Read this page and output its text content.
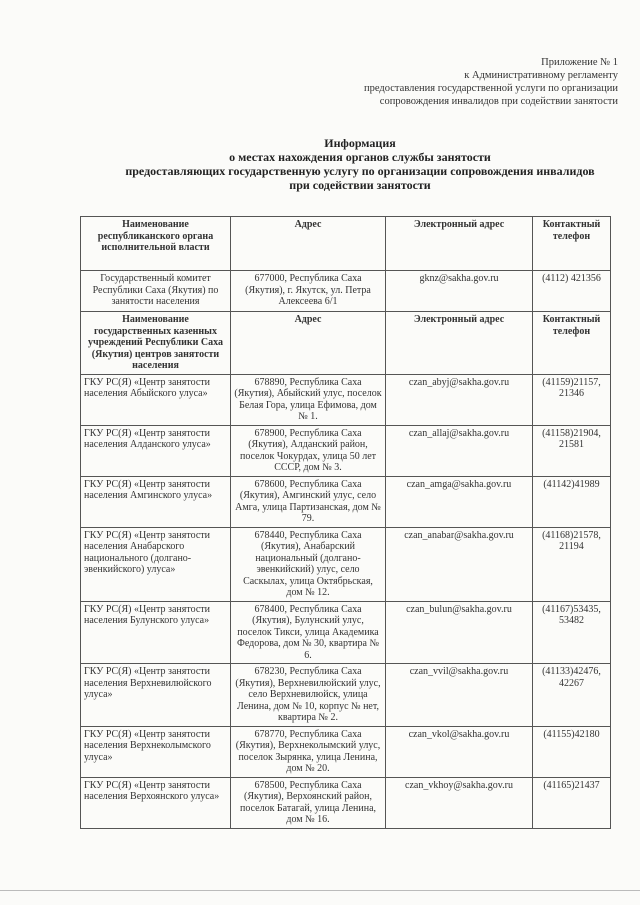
Приложение № 1
к Административному регламенту
предоставления государственной услуги по организации
сопровождения инвалидов при содействии занятости
Информация
о местах нахождения органов службы занятости
предоставляющих государственную услугу по организации сопровождения инвалидов
при содействии занятости
Наименование республиканского органа исполнительной власти	Адрес	Электронный адрес	Контактный телефон
Государственный комитет Республики Саха (Якутия) по занятости населения	677000, Республика Саха (Якутия), г. Якутск, ул. Петра Алексеева 6/1	gknz@sakha.gov.ru	(4112) 421356
Наименование государственных казенных учреждений Республики Саха (Якутия) центров занятости населения	Адрес	Электронный адрес	Контактный телефон
ГКУ РС(Я) «Центр занятости населения Абыйского улуса»	678890, Республика Саха (Якутия), Абыйский улус, поселок Белая Гора, улица Ефимова, дом № 1.	czan_abyj@sakha.gov.ru	(41159)21157, 21346
ГКУ РС(Я) «Центр занятости населения Алданского улуса»	678900, Республика Саха (Якутия), Алданский район, поселок Чокурдах, улица 50 лет СССР, дом № 3.	czan_allaj@sakha.gov.ru	(41158)21904, 21581
ГКУ РС(Я) «Центр занятости населения Амгинского улуса»	678600, Республика Саха (Якутия), Амгинский улус, село Амга, улица Партизанская, дом № 79.	czan_amga@sakha.gov.ru	(41142)41989
ГКУ РС(Я) «Центр занятости населения Анабарского национального (долгано-эвенкийского) улуса»	678440, Республика Саха (Якутия), Анабарский национальный (долгано-эвенкийский) улус, село Саскылах, улица Октябрьская, дом № 12.	czan_anabar@sakha.gov.ru	(41168)21578, 21194
ГКУ РС(Я) «Центр занятости населения Булунского улуса»	678400, Республика Саха (Якутия), Булунский улус, поселок Тикси, улица Академика Федорова, дом № 30, квартира № 6.	czan_bulun@sakha.gov.ru	(41167)53435, 53482
ГКУ РС(Я) «Центр занятости населения Верхневилюйского улуса»	678230, Республика Саха (Якутия), Верхневилюйский улус, село Верхневилюйск, улица Ленина, дом № 10, корпус № нет, квартира № 2.	czan_vvil@sakha.gov.ru	(41133)42476, 42267
ГКУ РС(Я) «Центр занятости населения Верхнеколымского улуса»	678770, Республика Саха (Якутия), Верхнеколымский улус, поселок Зырянка, улица Ленина, дом № 20.	czan_vkol@sakha.gov.ru	(41155)42180
ГКУ РС(Я) «Центр занятости населения Верхоянского улуса»	678500, Республика Саха (Якутия), Верхоянский район, поселок Батагай, улица Ленина, дом № 16.	czan_vkhoy@sakha.gov.ru	(41165)21437
